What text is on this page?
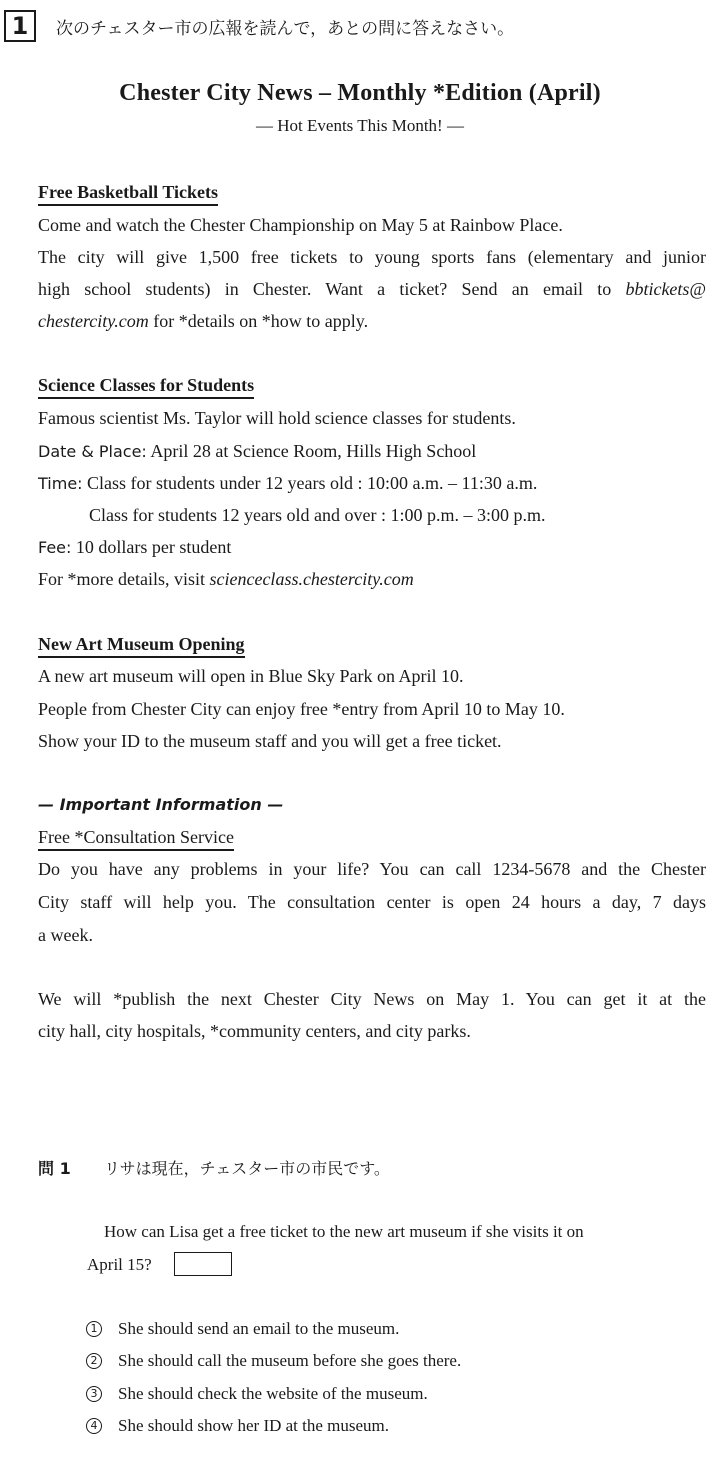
1 次のチェスター市の広報を読んで，あとの問に答えなさい。
Chester City News – Monthly *Edition (April)
— Hot Events This Month! —
Free Basketball Tickets
Come and watch the Chester Championship on May 5 at Rainbow Place.
The city will give 1,500 free tickets to young sports fans (elementary and junior
high school students) in Chester. Want a ticket? Send an email to bbtickets@
chestercity.com for *details on *how to apply.
Science Classes for Students
Famous scientist Ms. Taylor will hold science classes for students.
Date & Place: April 28 at Science Room, Hills High School
Time: Class for students under 12 years old : 10:00 a.m. – 11:30 a.m.
Class for students 12 years old and over : 1:00 p.m. – 3:00 p.m.
Fee: 10 dollars per student
For *more details, visit scienceclass.chestercity.com
New Art Museum Opening
A new art museum will open in Blue Sky Park on April 10.
People from Chester City can enjoy free *entry from April 10 to May 10.
Show your ID to the museum staff and you will get a free ticket.
— Important Information —
Free *Consultation Service
Do you have any problems in your life? You can call 1234-5678 and the Chester
City staff will help you. The consultation center is open 24 hours a day, 7 days
a week.
We will *publish the next Chester City News on May 1. You can get it at the
city hall, city hospitals, *community centers, and city parks.
問 1 リサは現在，チェスター市の市民です。
How can Lisa get a free ticket to the new art museum if she visits it on
April 15?
1 She should send an email to the museum.
2 She should call the museum before she goes there.
3 She should check the website of the museum.
4 She should show her ID at the museum.
